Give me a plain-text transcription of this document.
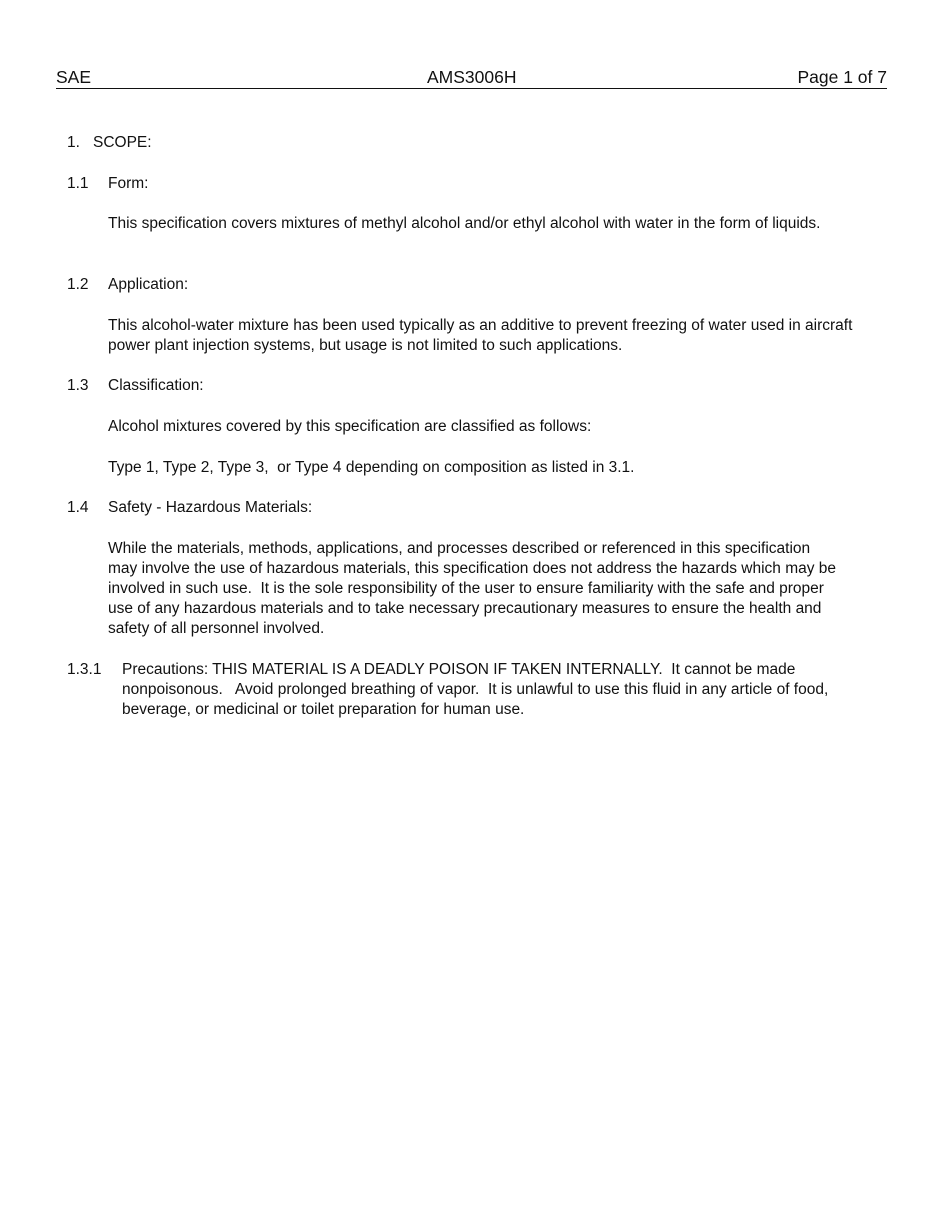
SAE	AMS3006H	Page 1 of 7
1. SCOPE:
1.1 Form:
This specification covers mixtures of methyl alcohol and/or ethyl alcohol with water in the form of liquids.
1.2 Application:
This alcohol-water mixture has been used typically as an additive to prevent freezing of water used in aircraft power plant injection systems, but usage is not limited to such applications.
1.3 Classification:
Alcohol mixtures covered by this specification are classified as follows:
Type 1, Type 2, Type 3,  or Type 4 depending on composition as listed in 3.1.
1.4 Safety - Hazardous Materials:
While the materials, methods, applications, and processes described or referenced in this specification may involve the use of hazardous materials, this specification does not address the hazards which may be involved in such use.  It is the sole responsibility of the user to ensure familiarity with the safe and proper use of any hazardous materials and to take necessary precautionary measures to ensure the health and safety of all personnel involved.
1.3.1 Precautions: THIS MATERIAL IS A DEADLY POISON IF TAKEN INTERNALLY.  It cannot be made nonpoisonous.   Avoid prolonged breathing of vapor.  It is unlawful to use this fluid in any article of food, beverage, or medicinal or toilet preparation for human use.
